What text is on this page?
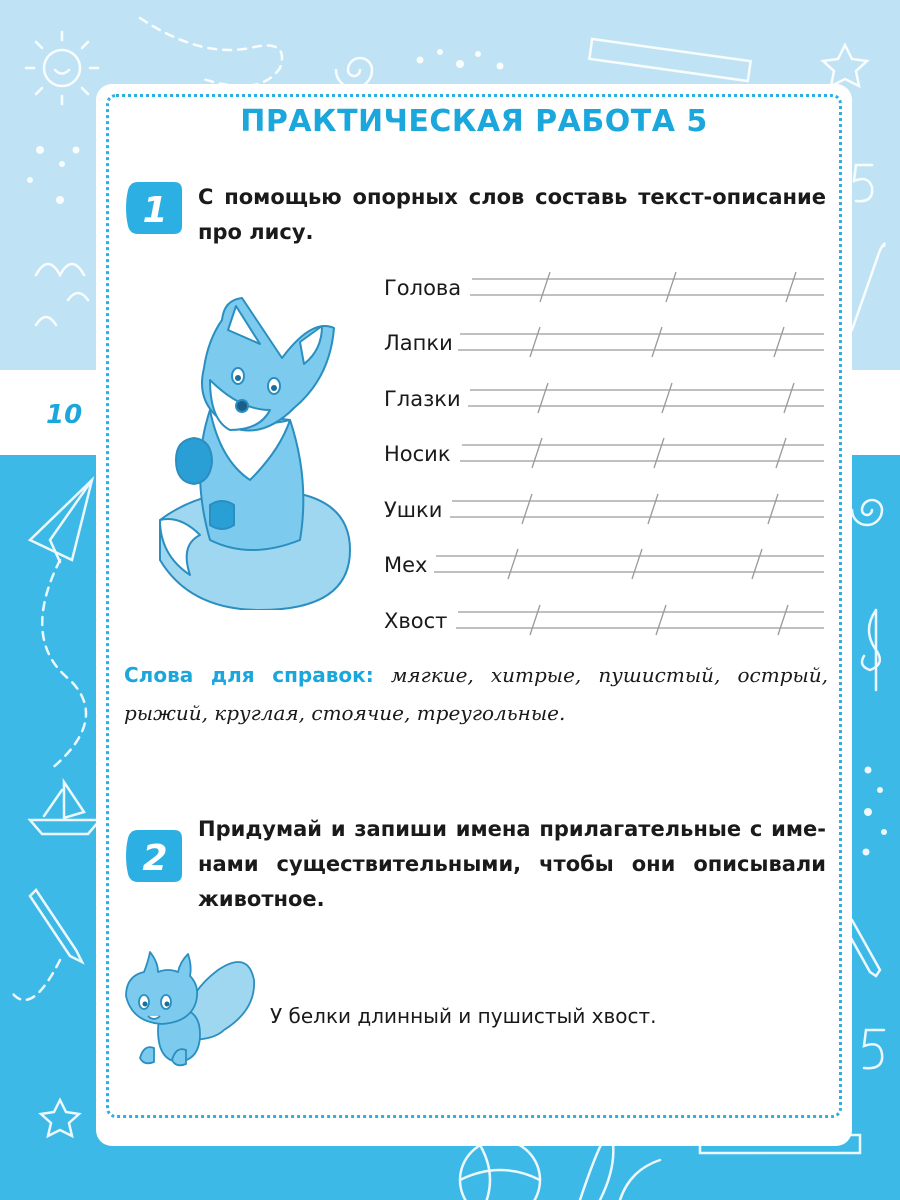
10
ПРАКТИЧЕСКАЯ РАБОТА 5
1 С помощью опорных слов составь текст-описание про лису.
Голова
Лапки
Глазки
Носик
Ушки
Мех
Хвост
Слова для справок: мягкие, хитрые, пушистый, острый, рыжий, круглая, стоячие, треугольные.
2
Придумай и запиши имена прилагательные с име-нами существительными, чтобы они описывали животное.
У белки длинный и пушистый хвост.
